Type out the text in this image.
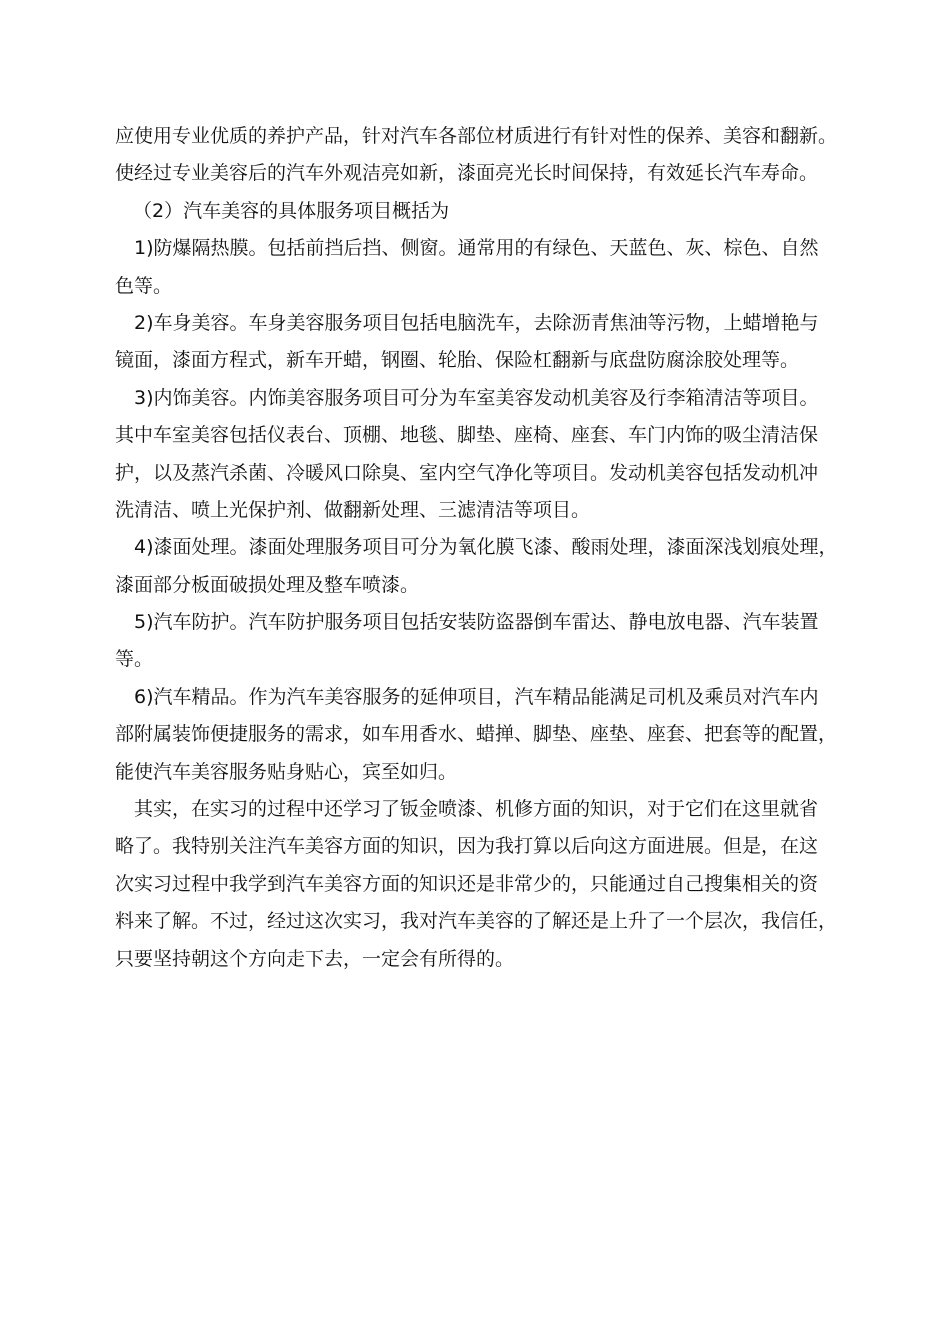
应使用专业优质的养护产品，针对汽车各部位材质进行有针对性的保养、美容和翻新。
使经过专业美容后的汽车外观洁亮如新，漆面亮光长时间保持，有效延长汽车寿命。

（2）汽车美容的具体服务项目概括为

1)防爆隔热膜。包括前挡后挡、侧窗。通常用的有绿色、天蓝色、灰、棕色、自然
色等。

2)车身美容。车身美容服务项目包括电脑洗车，去除沥青焦油等污物，上蜡增艳与
镜面，漆面方程式，新车开蜡，钢圈、轮胎、保险杠翻新与底盘防腐涂胶处理等。

3)内饰美容。内饰美容服务项目可分为车室美容发动机美容及行李箱清洁等项目。
其中车室美容包括仪表台、顶棚、地毯、脚垫、座椅、座套、车门内饰的吸尘清洁保
护，以及蒸汽杀菌、冷暖风口除臭、室内空气净化等项目。发动机美容包括发动机冲
洗清洁、喷上光保护剂、做翻新处理、三滤清洁等项目。

4)漆面处理。漆面处理服务项目可分为氧化膜飞漆、酸雨处理，漆面深浅划痕处理，
漆面部分板面破损处理及整车喷漆。

5)汽车防护。汽车防护服务项目包括安装防盗器倒车雷达、静电放电器、汽车装置
等。

6)汽车精品。作为汽车美容服务的延伸项目，汽车精品能满足司机及乘员对汽车内
部附属装饰便捷服务的需求，如车用香水、蜡掸、脚垫、座垫、座套、把套等的配置，
能使汽车美容服务贴身贴心，宾至如归。

其实，在实习的过程中还学习了钣金喷漆、机修方面的知识，对于它们在这里就省
略了。我特别关注汽车美容方面的知识，因为我打算以后向这方面进展。但是，在这
次实习过程中我学到汽车美容方面的知识还是非常少的，只能通过自己搜集相关的资
料来了解。不过，经过这次实习，我对汽车美容的了解还是上升了一个层次，我信任，
只要坚持朝这个方向走下去，一定会有所得的。
